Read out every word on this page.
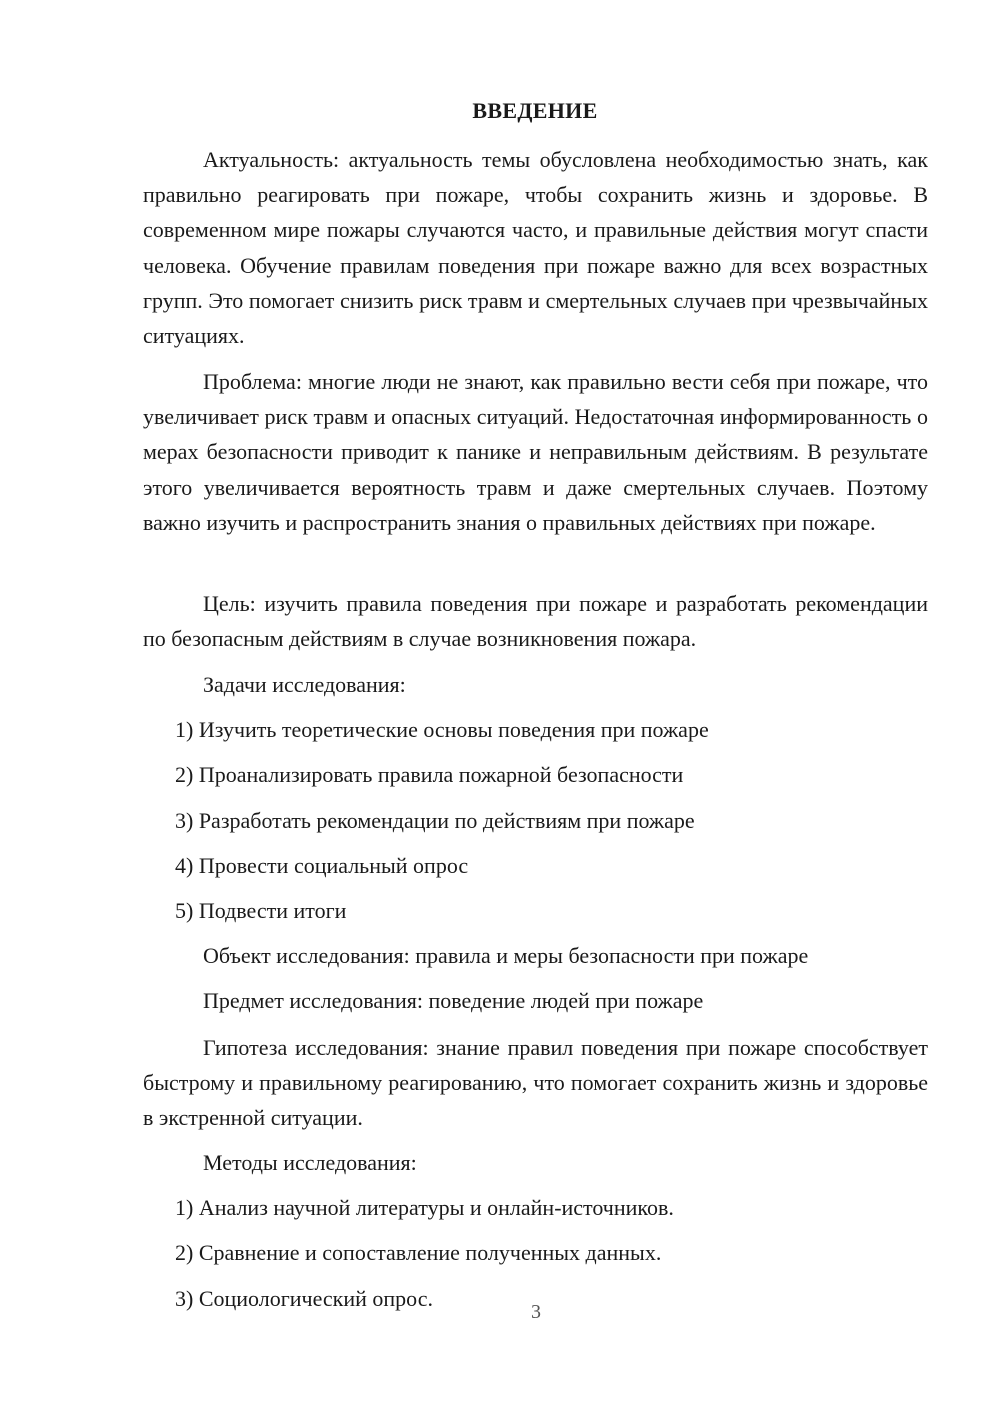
ВВЕДЕНИЕ
Актуальность: актуальность темы обусловлена необходимостью знать, как правильно реагировать при пожаре, чтобы сохранить жизнь и здоровье. В современном мире пожары случаются часто, и правильные действия могут спасти человека. Обучение правилам поведения при пожаре важно для всех возрастных групп. Это помогает снизить риск травм и смертельных случаев при чрезвычайных ситуациях.
Проблема: многие люди не знают, как правильно вести себя при пожаре, что увеличивает риск травм и опасных ситуаций. Недостаточная информированность о мерах безопасности приводит к панике и неправильным действиям. В результате этого увеличивается вероятность травм и даже смертельных случаев. Поэтому важно изучить и распространить знания о правильных действиях при пожаре.
Цель: изучить правила поведения при пожаре и разработать рекомендации по безопасным действиям в случае возникновения пожара.
Задачи исследования:
1) Изучить теоретические основы поведения при пожаре
2) Проанализировать правила пожарной безопасности
3) Разработать рекомендации по действиям при пожаре
4) Провести социальный опрос
5) Подвести итоги
Объект исследования: правила и меры безопасности при пожаре
Предмет исследования: поведение людей при пожаре
Гипотеза исследования: знание правил поведения при пожаре способствует быстрому и правильному реагированию, что помогает сохранить жизнь и здоровье в экстренной ситуации.
Методы исследования:
1) Анализ научной литературы и онлайн-источников.
2) Сравнение и сопоставление полученных данных.
3) Социологический опрос.
3
